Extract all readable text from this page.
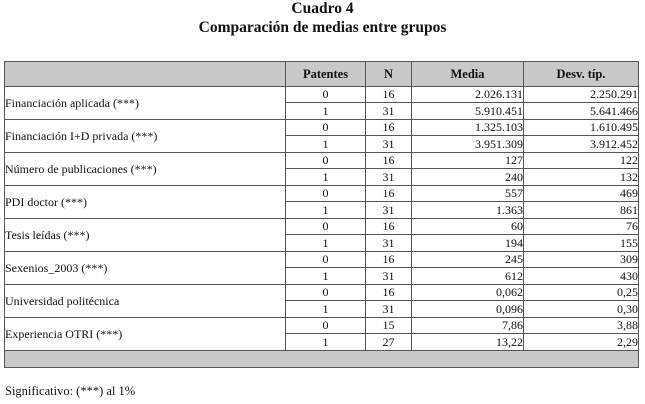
Cuadro 4
Comparación de medias entre grupos
	Patentes	N	Media	Desv. típ.
Financiación aplicada (***)	0	16	2.026.131	2.250.291
	1	31	5.910.451	5.641.466
Financiación I+D privada (***)	0	16	1.325.103	1.610.495
	1	31	3.951.309	3.912.452
Número de publicaciones (***)	0	16	127	122
	1	31	240	132
PDI doctor (***)	0	16	557	469
	1	31	1.363	861
Tesis leídas (***)	0	16	60	76
	1	31	194	155
Sexenios_2003 (***)	0	16	245	309
	1	31	612	430
Universidad politécnica	0	16	0,062	0,25
	1	31	0,096	0,30
Experiencia OTRI (***)	0	15	7,86	3,88
	1	27	13,22	2,29

Significativo: (***) al 1%
